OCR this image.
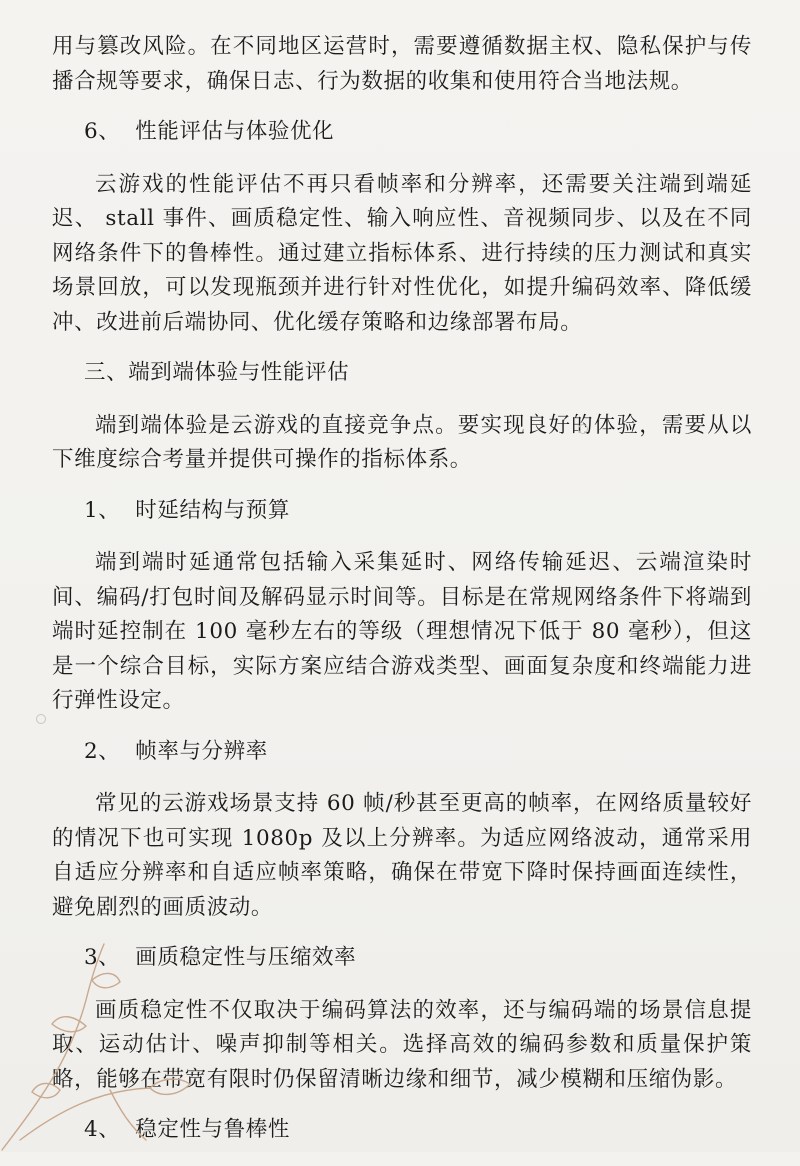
用与篡改风险。在不同地区运营时，需要遵循数据主权、隐私保护与传播合规等要求，确保日志、行为数据的收集和使用符合当地法规。

6、  性能评估与体验优化

云游戏的性能评估不再只看帧率和分辨率，还需要关注端到端延迟、 stall 事件、画质稳定性、输入响应性、音视频同步、以及在不同网络条件下的鲁棒性。通过建立指标体系、进行持续的压力测试和真实场景回放，可以发现瓶颈并进行针对性优化，如提升编码效率、降低缓冲、改进前后端协同、优化缓存策略和边缘部署布局。

三、端到端体验与性能评估

端到端体验是云游戏的直接竞争点。要实现良好的体验，需要从以下维度综合考量并提供可操作的指标体系。

1、  时延结构与预算

端到端时延通常包括输入采集延时、网络传输延迟、云端渲染时间、编码/打包时间及解码显示时间等。目标是在常规网络条件下将端到端时延控制在 100 毫秒左右的等级（理想情况下低于 80 毫秒），但这是一个综合目标，实际方案应结合游戏类型、画面复杂度和终端能力进行弹性设定。

2、  帧率与分辨率

常见的云游戏场景支持 60 帧/秒甚至更高的帧率，在网络质量较好的情况下也可实现 1080p 及以上分辨率。为适应网络波动，通常采用自适应分辨率和自适应帧率策略，确保在带宽下降时保持画面连续性，避免剧烈的画质波动。

3、  画质稳定性与压缩效率

画质稳定性不仅取决于编码算法的效率，还与编码端的场景信息提取、运动估计、噪声抑制等相关。选择高效的编码参数和质量保护策略，能够在带宽有限时仍保留清晰边缘和细节，减少模糊和压缩伪影。

4、  稳定性与鲁棒性
